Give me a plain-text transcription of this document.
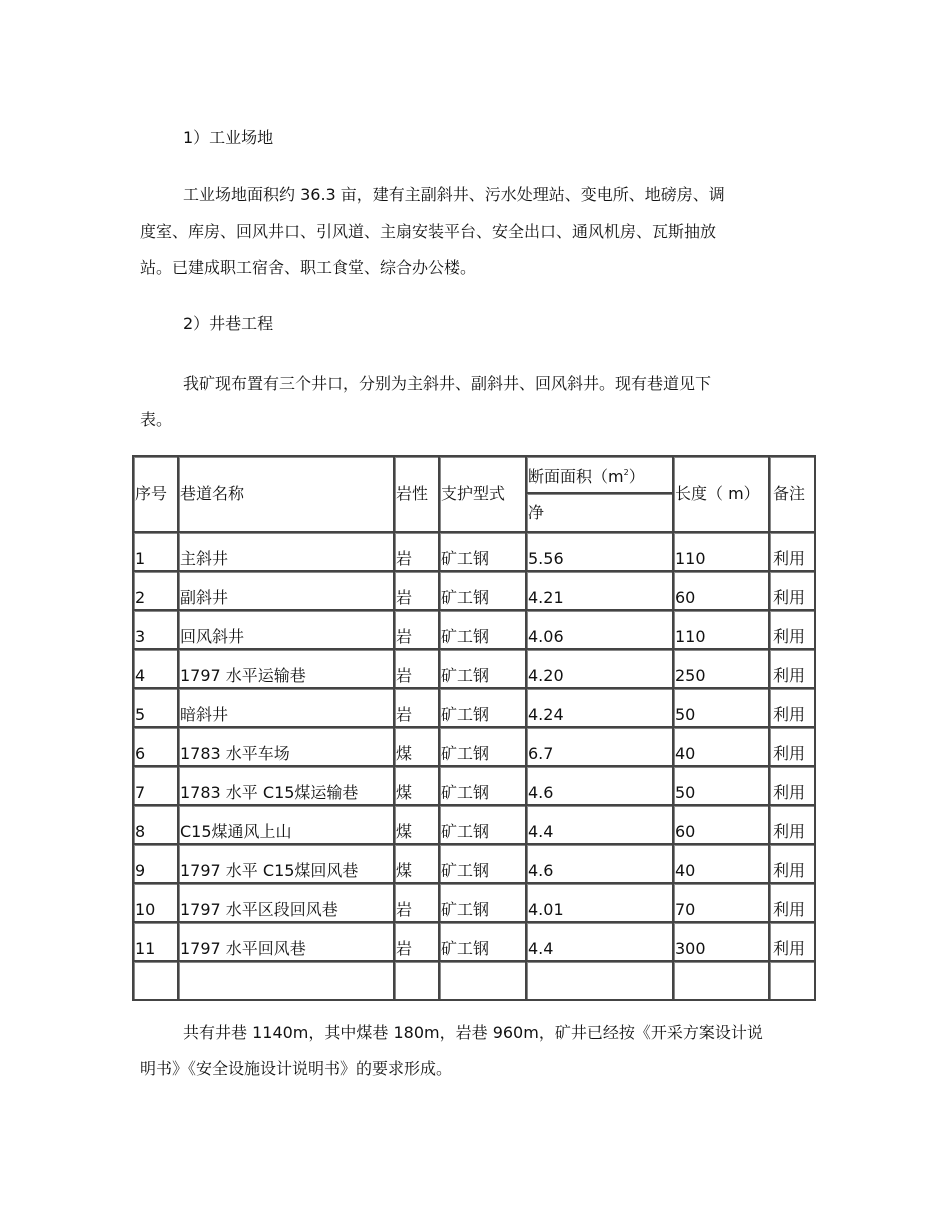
1）工业场地
工业场地面积约 36.3 亩，建有主副斜井、污水处理站、变电所、地磅房、调
度室、库房、回风井口、引风道、主扇安装平台、安全出口、通风机房、瓦斯抽放
站。已建成职工宿舍、职工食堂、综合办公楼。
2）井巷工程
我矿现布置有三个井口，分别为主斜井、副斜井、回风斜井。现有巷道见下
表。
序号	巷道名称	岩性	支护型式	断面面积$(m^2)$	长度（ m）	备注
				净		
1	主斜井	岩	矿工钢	5.56	110	利用
2	副斜井	岩	矿工钢	4.21	60	利用
3	回风斜井	岩	矿工钢	4.06	110	利用
4	1797 水平运输巷	岩	矿工钢	4.20	250	利用
5	暗斜井	岩	矿工钢	4.24	50	利用
6	1783 水平车场	煤	矿工钢	6.7	40	利用
7	1783 水平 C15煤运输巷	煤	矿工钢	4.6	50	利用
8	C15煤通风上山	煤	矿工钢	4.4	60	利用
9	1797 水平 C15煤回风巷	煤	矿工钢	4.6	40	利用
10	1797 水平区段回风巷	岩	矿工钢	4.01	70	利用
11	1797 水平回风巷	岩	矿工钢	4.4	300	利用

共有井巷 1140m，其中煤巷 180m，岩巷 960m，矿井已经按《开采方案设计说
明书》《安全设施设计说明书》的要求形成。
